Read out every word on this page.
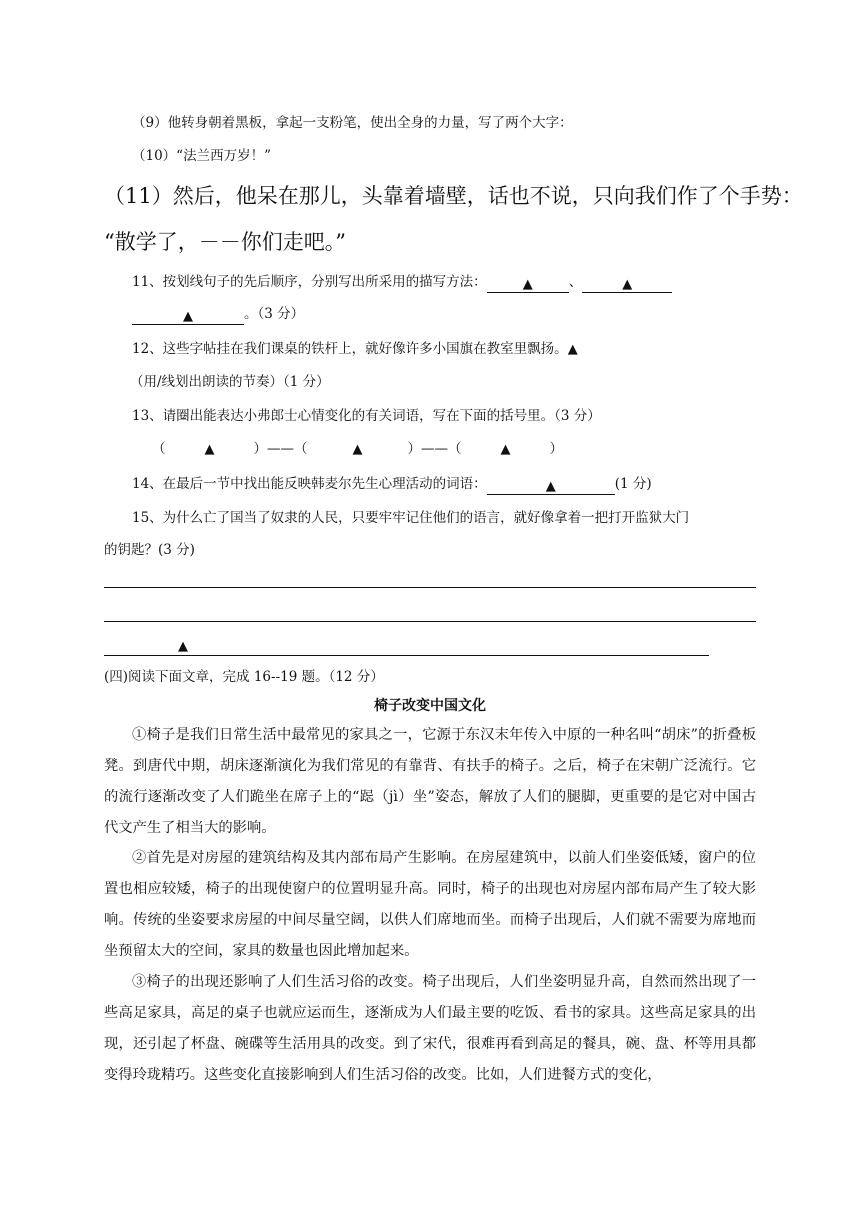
（9）他转身朝着黑板，拿起一支粉笔，使出全身的力量，写了两个大字：
（10）“法兰西万岁！”
（11）然后，他呆在那儿，头靠着墙壁，话也不说，只向我们作了个手势：
“散学了，－－你们走吧。”
11、按划线句子的先后顺序，分别写出所采用的描写方法：	▲	、	▲
▲	。（3 分）
12、这些字帖挂在我们课桌的铁杆上，就好像许多小国旗在教室里飘扬。▲
（用/线划出朗读的节奏）（1 分）
13、请圈出能表达小弗郎士心情变化的有关词语，写在下面的括号里。（3 分）
（	▲	）——（	▲	）——（	▲	）
14、在最后一节中找出能反映韩麦尔先生心理活动的词语：	▲	(1 分)
15、为什么亡了国当了奴隶的人民，只要牢牢记住他们的语言，就好像拿着一把打开监狱大门
的钥匙？(3 分)
▲
(四)阅读下面文章，完成 16--19 题。（12 分）
椅子改变中国文化
①椅子是我们日常生活中最常见的家具之一，它源于东汉末年传入中原的一种名叫“胡床”的折叠板凳。到唐代中期，胡床逐渐演化为我们常见的有靠背、有扶手的椅子。之后，椅子在宋朝广泛流行。它的流行逐渐改变了人们跪坐在席子上的“跽（jì）坐”姿态，解放了人们的腿脚，更重要的是它对中国古代文产生了相当大的影响。
②首先是对房屋的建筑结构及其内部布局产生影响。在房屋建筑中，以前人们坐姿低矮，窗户的位置也相应较矮，椅子的出现使窗户的位置明显升高。同时，椅子的出现也对房屋内部布局产生了较大影响。传统的坐姿要求房屋的中间尽量空阔，以供人们席地而坐。而椅子出现后，人们就不需要为席地而坐预留太大的空间，家具的数量也因此增加起来。
③椅子的出现还影响了人们生活习俗的改变。椅子出现后，人们坐姿明显升高，自然而然出现了一些高足家具，高足的桌子也就应运而生，逐渐成为人们最主要的吃饭、看书的家具。这些高足家具的出现，还引起了杯盘、碗碟等生活用具的改变。到了宋代，很难再看到高足的餐具，碗、盘、杯等用具都变得玲珑精巧。这些变化直接影响到人们生活习俗的改变。比如，人们进餐方式的变化，
